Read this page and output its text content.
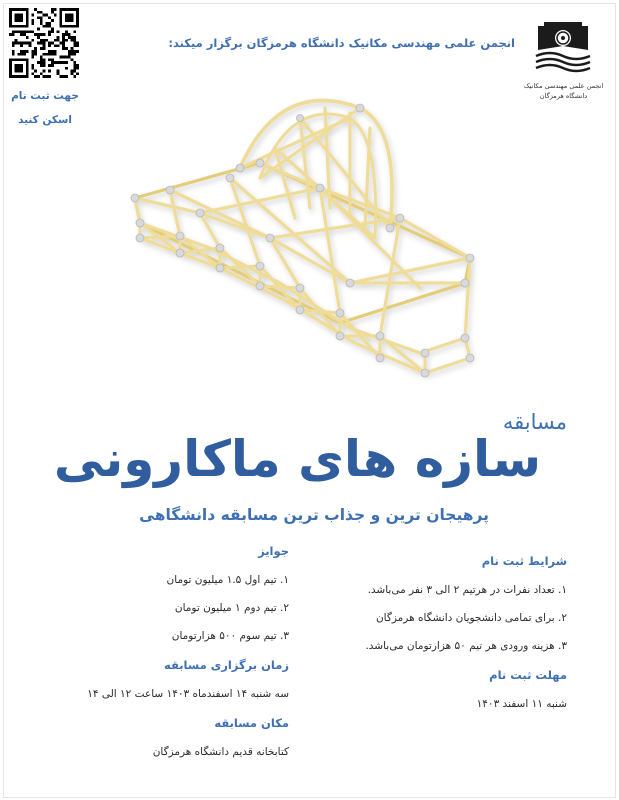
جهت ثبت نام
اسکن کنید
انجمن علمی مهندسی مکانیک
دانشگاه هرمزگان
انجمن علمی مهندسی مکانیک دانشگاه هرمزگان برگزار میکند:
مسابقه
سازه های ماکارونی
پرهیجان ترین و جذاب ترین مسابقه دانشگاهی
شرایط ثبت نام
۱. تعداد نفرات در هرتیم ۲ الی ۳ نفر می‌باشد.
۲. برای تمامی دانشجویان دانشگاه هرمزگان
۳. هزینه ورودی هر تیم ۵۰ هزارتومان می‌باشد.
مهلت ثبت نام
شنبه ۱۱ اسفند ۱۴۰۳
جوایز
۱. تیم اول ۱.۵ میلیون تومان
۲. تیم دوم ۱ میلیون تومان
۳. تیم سوم ۵۰۰ هزارتومان
زمان برگزاری مسابقه
سه شنبه ۱۴ اسفندماه ۱۴۰۳ ساعت ۱۲ الی ۱۴
مکان مسابقه
کتابخانه قدیم دانشگاه هرمزگان
